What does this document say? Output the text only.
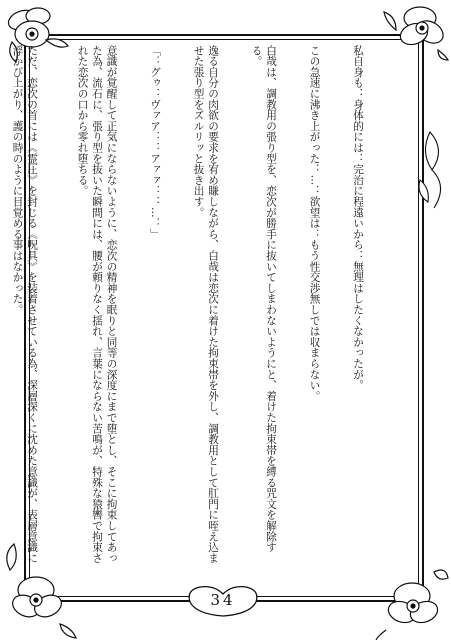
私自身も：身体的には：完治に程遠いから：無理はしたくなかったが。

この急速に沸き上がった：…：欲望は：もう性交渉無しでは収まらない。

白哉は、調教用の張り型を、恋次が勝手に抜いてしまわないようにと、着けた拘束帯を縛る咒文を解除する。

逸る自分の肉欲の要求を宥め賺しながら、白哉は恋次に着けた拘束帯を外し、調教用として肛門に咥え込ませた張り型をズルリッと抜き出す。

「：グゥ：ヴァア：：アァァ：：…：」

意識が覚醒して正気にならないように、恋次の精神を眠りと同等の深度にまで堕とし、そこに拘束してあった為、流石に、張り型を抜いた瞬間には、腰が頼りなく揺れ、言葉にならない苦鳴が、特殊な猿轡で拘束された恋次の口から零れ堕ちる。

ただ、恋次の首には《霊圧》を封じる《呪具》を装着させている為、深層深くに沈めた意識が、表層意識に浮かび上がり、護の時のように目覚める事はなかった。

34
